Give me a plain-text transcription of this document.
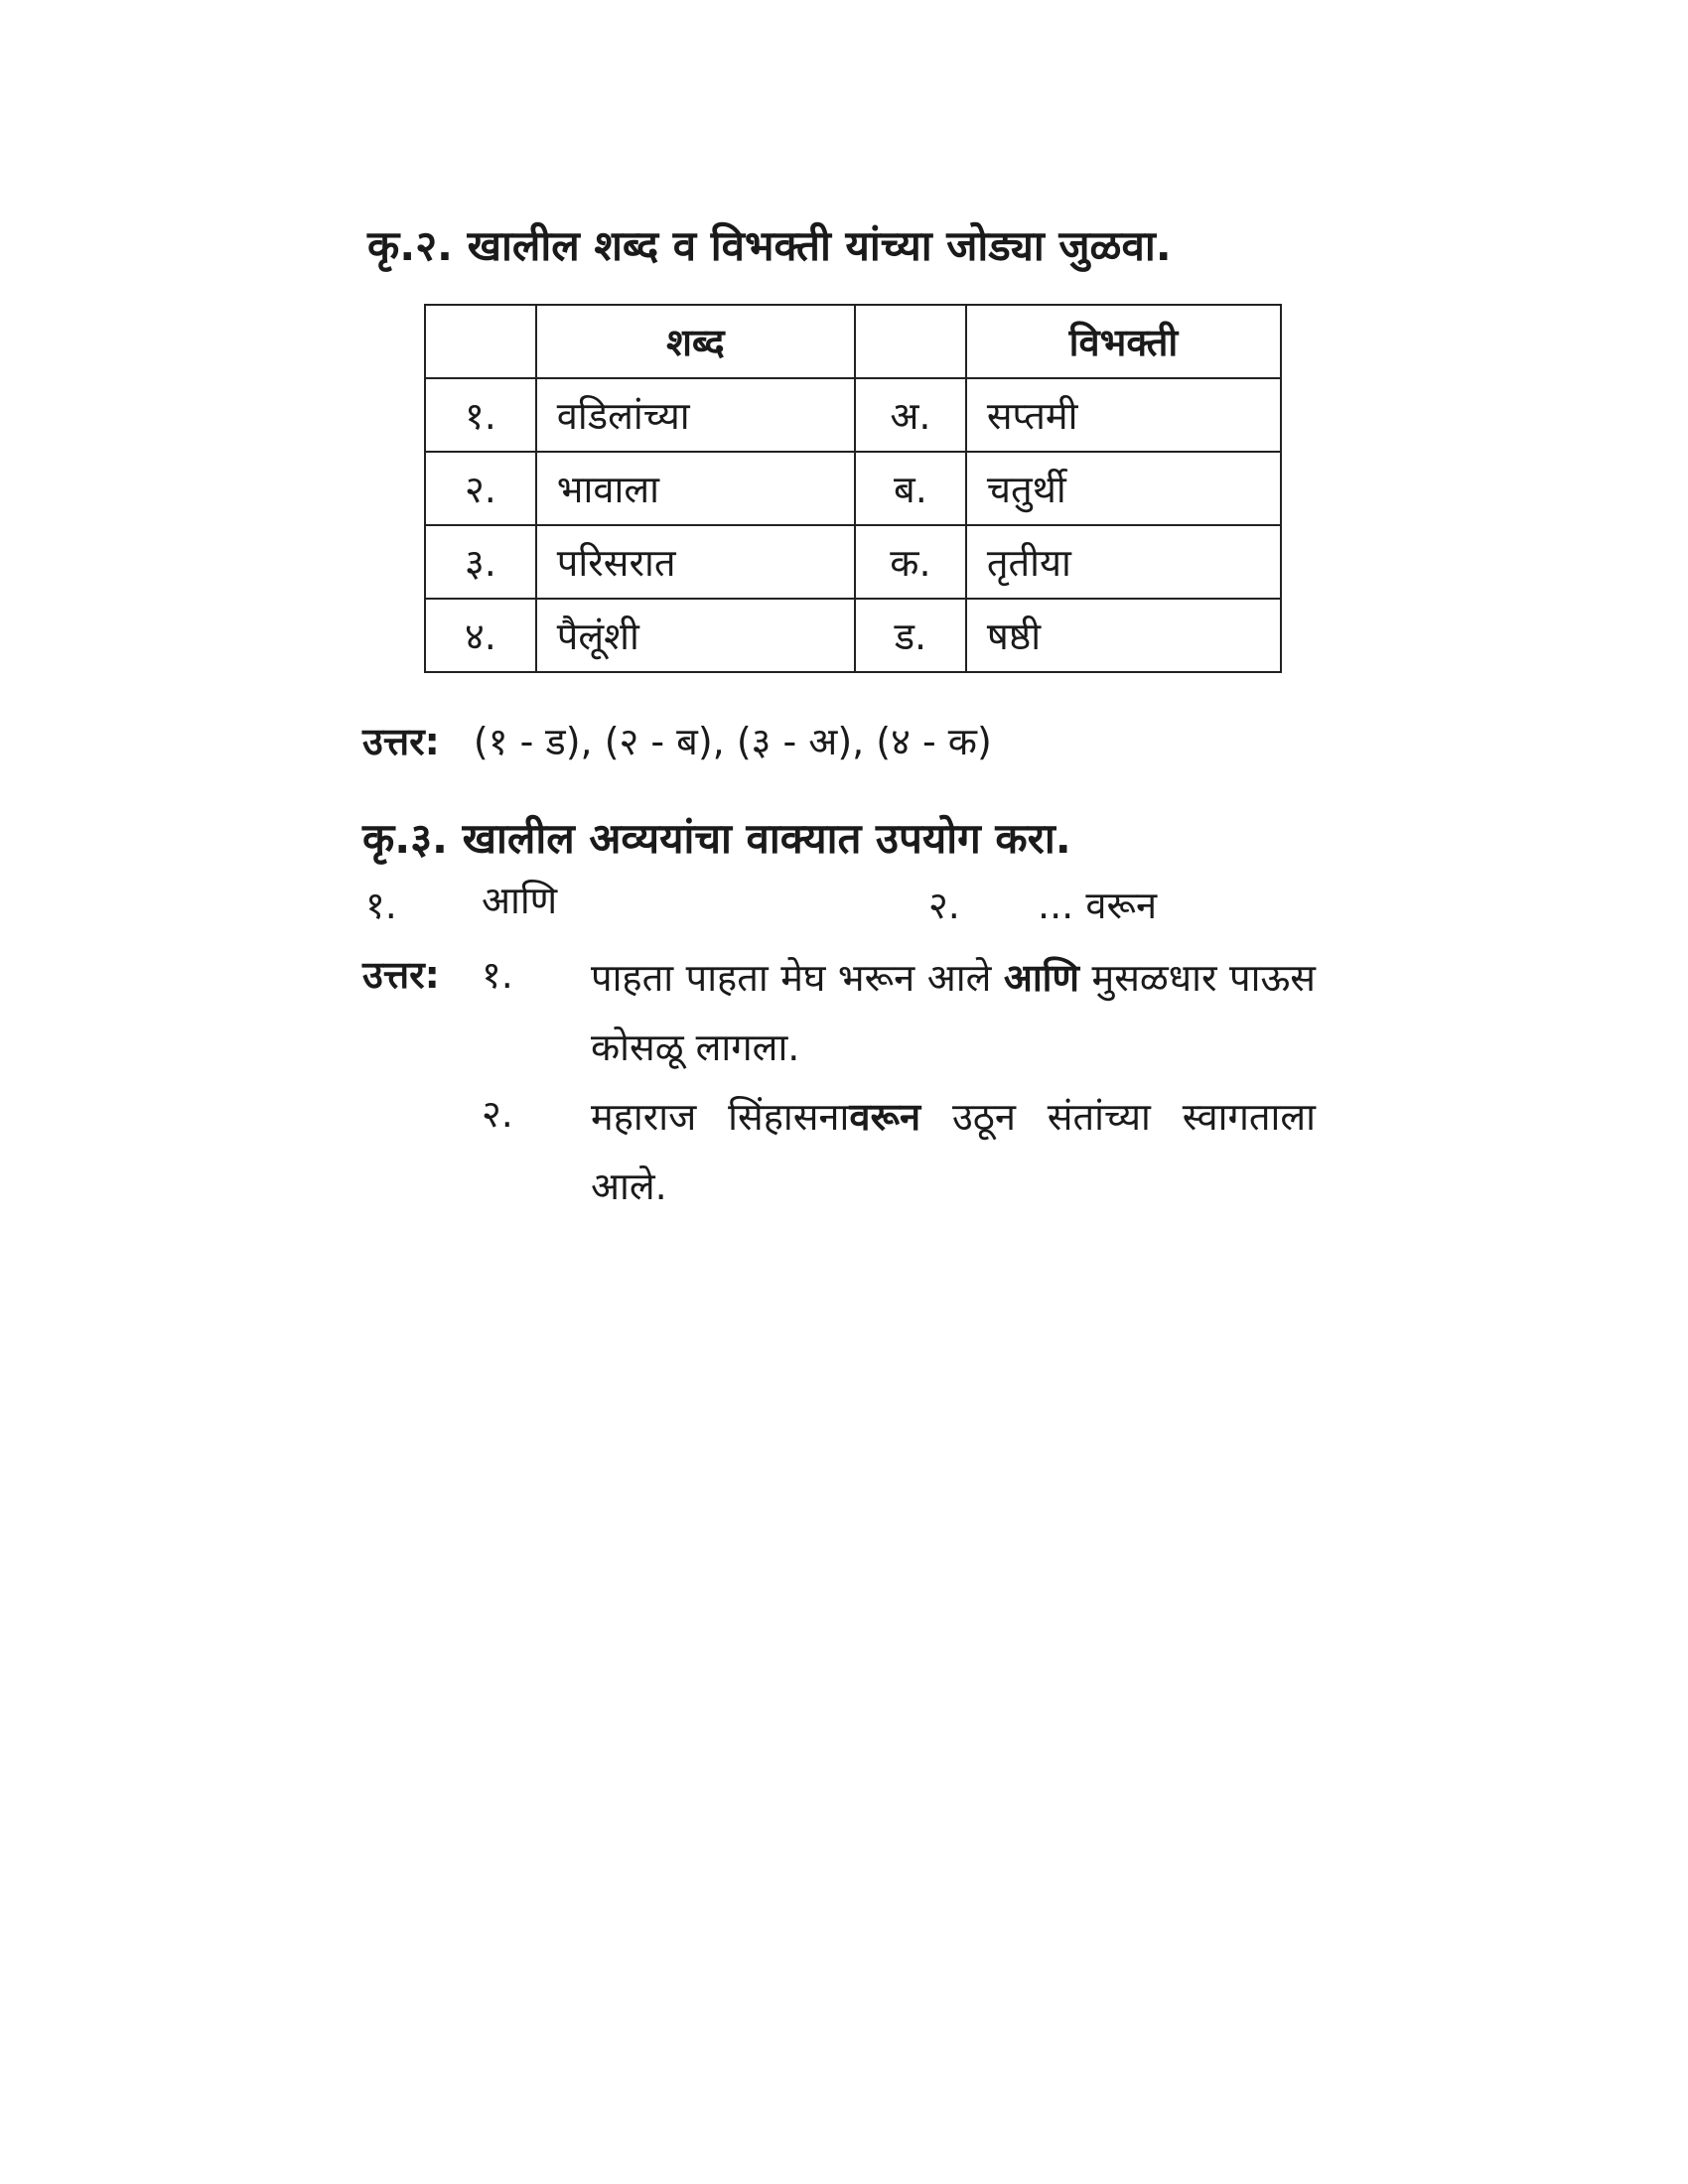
कृ.२. खालील शब्द व विभक्ती यांच्या जोड्या जुळवा.
	शब्द		विभक्ती
१.	वडिलांच्या	अ.	सप्तमी
२.	भावाला	ब.	चतुर्थी
३.	परिसरात	क.	तृतीया
४.	पैलूंशी	ड.	षष्ठी
उत्तर: (१ - ड), (२ - ब), (३ - अ), (४ - क)
कृ.३. खालील अव्ययांचा वाक्यात उपयोग करा.
१. आणि	२. ... वरून
उत्तर: १. पाहता पाहता मेघ भरून आले आणि मुसळधार पाऊस कोसळू लागला.
२. महाराज सिंहासनावरून उठून संतांच्या स्वागताला आले.
